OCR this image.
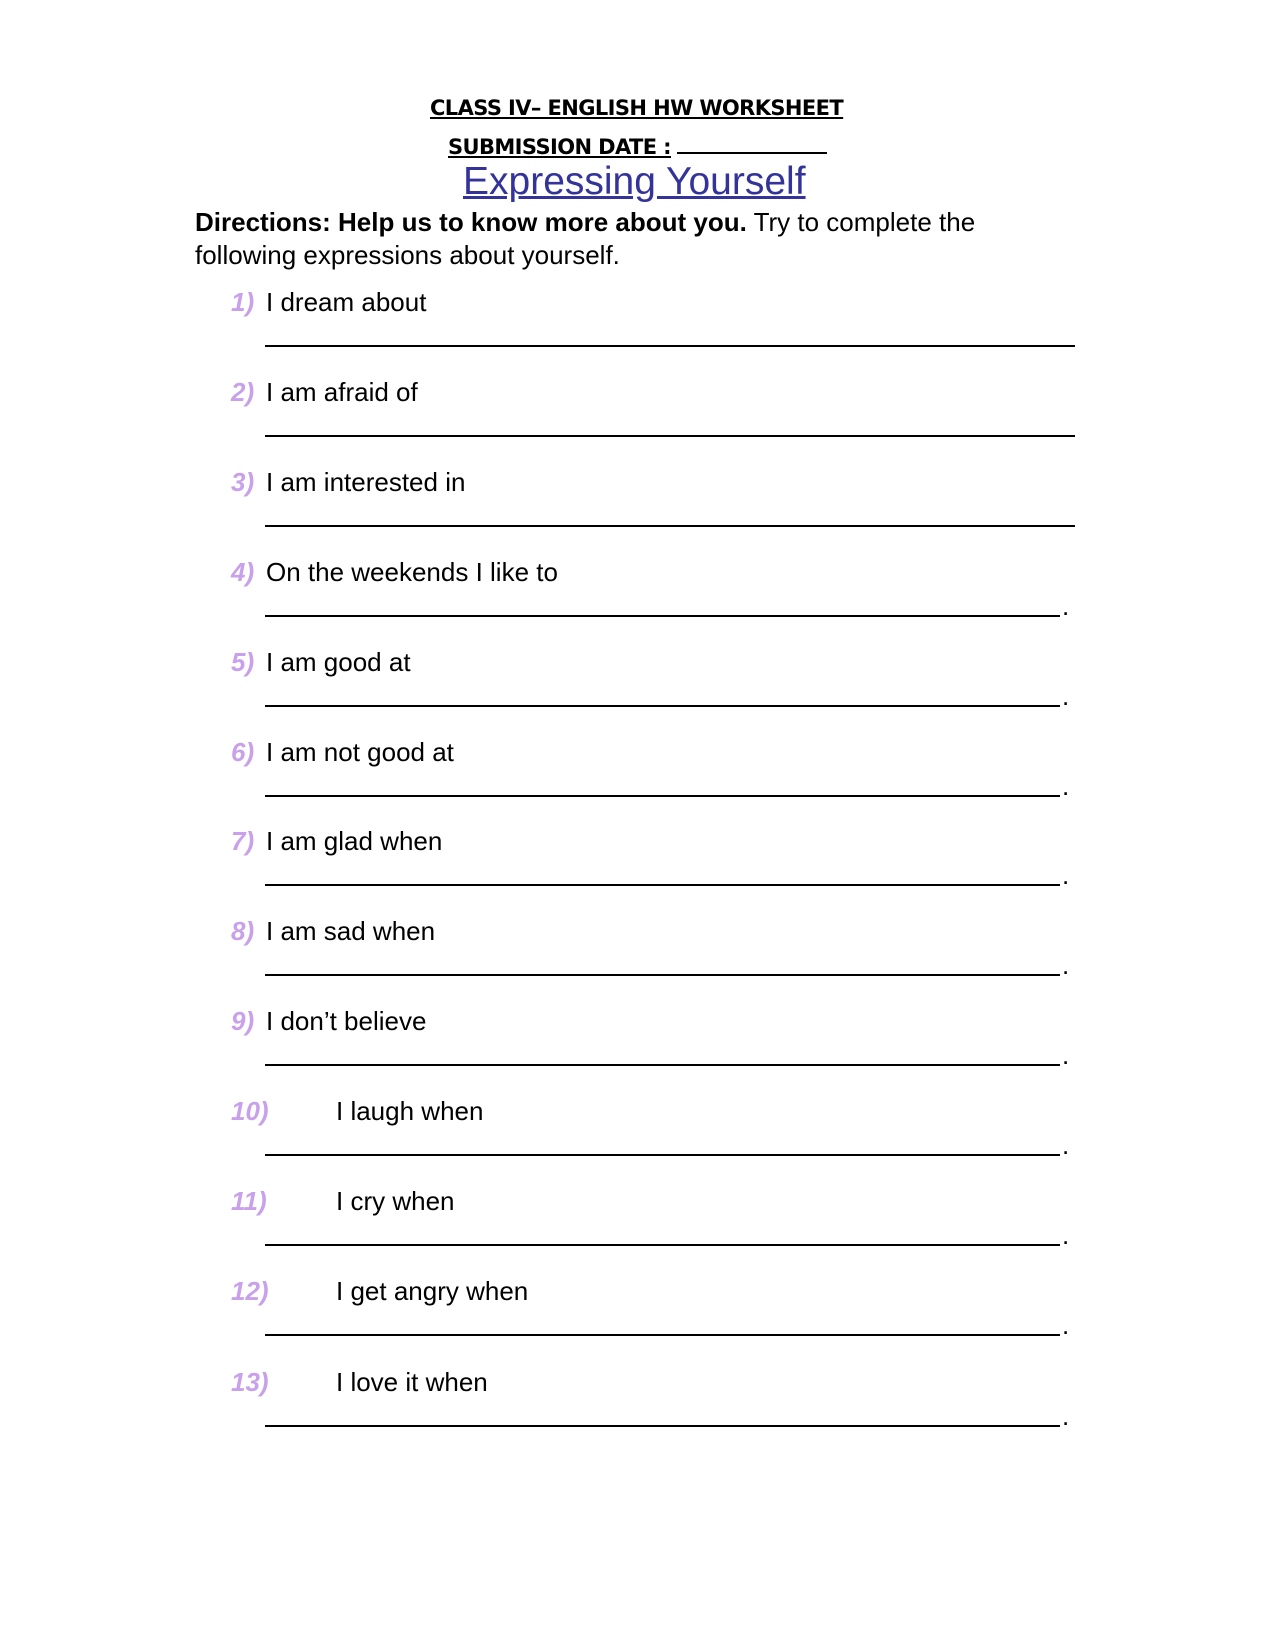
CLASS IV– ENGLISH HW WORKSHEET
SUBMISSION DATE :
Expressing Yourself
Directions: Help us to know more about you. Try to complete the following expressions about yourself.
1) I dream about
2) I am afraid of
3) I am interested in
4) On the weekends I like to
.
5) I am good at
.
6) I am not good at
.
7) I am glad when
.
8) I am sad when
.
9) I don’t believe
.
10)	I laugh when
.
11)	I cry when
.
12)	I get angry when
.
13)	I love it when
.
